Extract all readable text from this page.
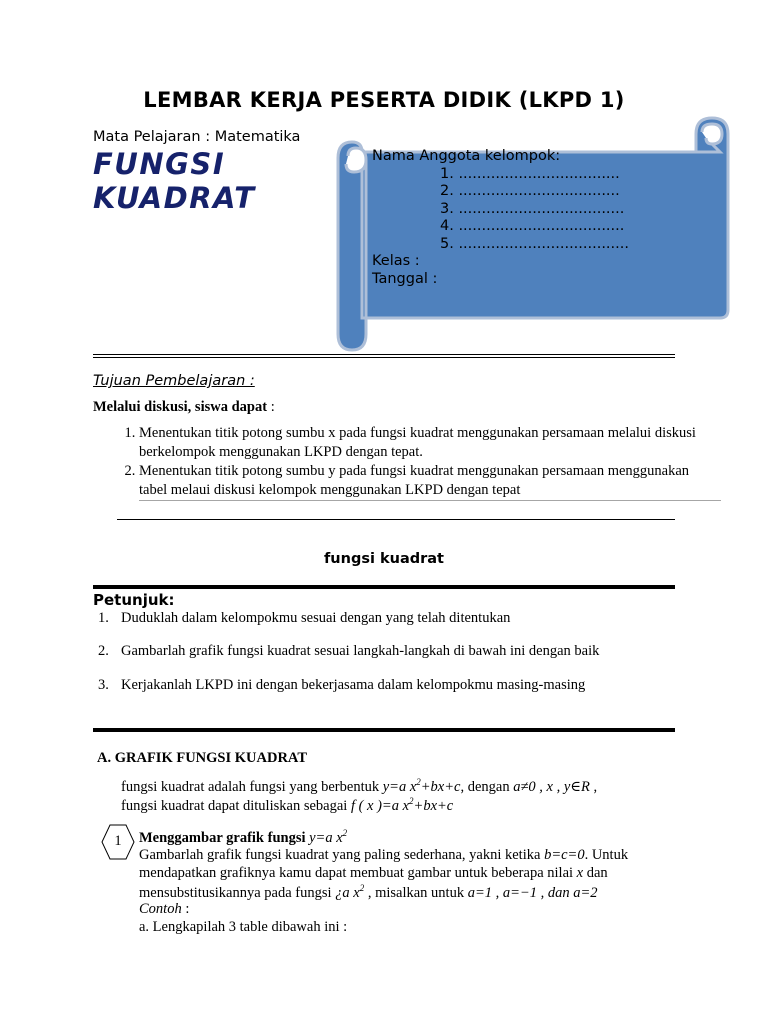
LEMBAR KERJA PESERTA DIDIK (LKPD 1)
Mata Pelajaran : Matematika
FUNGSI
KUADRAT
Nama Anggota kelompok:
1. ...................................
2. ...................................
3. ....................................
4. ....................................
5. .....................................
Kelas :
Tanggal :
Tujuan Pembelajaran :
Melalui diskusi, siswa dapat :
1. Menentukan titik potong sumbu x pada fungsi kuadrat menggunakan persamaan melalui diskusi berkelompok menggunakan LKPD dengan tepat.
2. Menentukan titik potong sumbu y pada fungsi kuadrat menggunakan persamaan menggunakan tabel melaui diskusi kelompok menggunakan LKPD dengan tepat
fungsi kuadrat
Petunjuk:
1. Duduklah dalam kelompokmu sesuai dengan yang telah ditentukan
2. Gambarlah grafik fungsi kuadrat sesuai langkah-langkah di bawah ini dengan baik
3. Kerjakanlah LKPD ini dengan bekerjasama dalam kelompokmu masing-masing
A. GRAFIK FUNGSI KUADRAT
fungsi kuadrat adalah fungsi yang berbentuk y=a $x^2+bx+c$, dengan a≠0 , x , y∈R ,
fungsi kuadrat dapat dituliskan sebagai f ( x )=a $x^2+bx+c$
1	Menggambar grafik fungsi y=a $x^2$
Gambarlah grafik fungsi kuadrat yang paling sederhana, yakni ketika b=c=0. Untuk
mendapatkan grafiknya kamu dapat membuat gambar untuk beberapa nilai x dan
mensubstitusikannya pada fungsi ¿a $x^2$ , misalkan untuk a=1 , a=−1 , dan a=2
Contoh :
a. Lengkapilah 3 table dibawah ini :
